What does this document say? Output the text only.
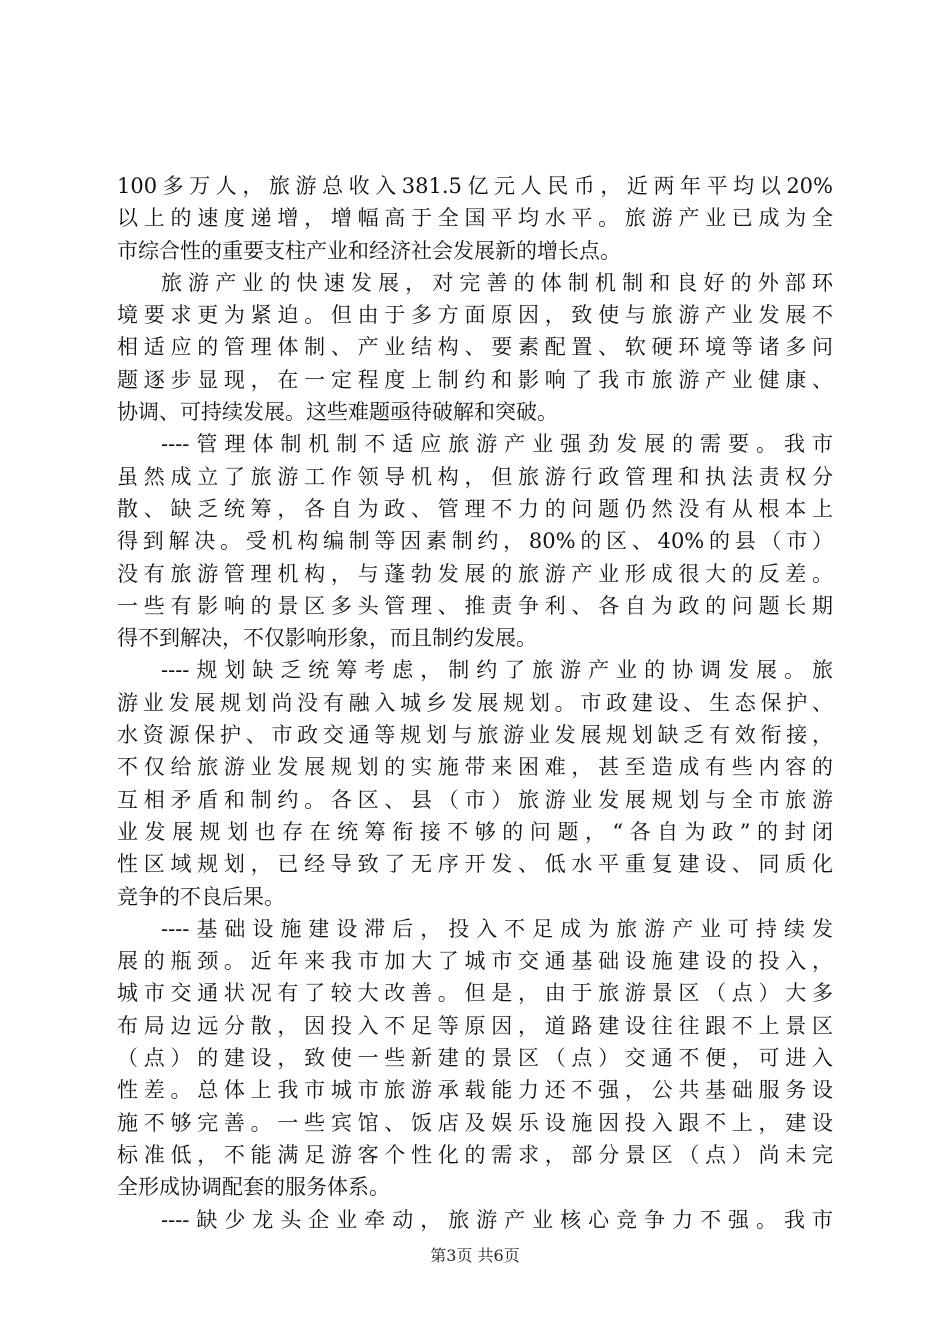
100多万人，旅游总收入381.5亿元人民币，近两年平均以20%
以上的速度递增，增幅高于全国平均水平。旅游产业已成为全
市综合性的重要支柱产业和经济社会发展新的增长点。
旅游产业的快速发展，对完善的体制机制和良好的外部环
境要求更为紧迫。但由于多方面原因，致使与旅游产业发展不
相适应的管理体制、产业结构、要素配置、软硬环境等诸多问
题逐步显现，在一定程度上制约和影响了我市旅游产业健康、
协调、可持续发展。这些难题亟待破解和突破。
----管理体制机制不适应旅游产业强劲发展的需要。我市
虽然成立了旅游工作领导机构，但旅游行政管理和执法责权分
散、缺乏统筹，各自为政、管理不力的问题仍然没有从根本上
得到解决。受机构编制等因素制约，80%的区、40%的县（市）
没有旅游管理机构，与蓬勃发展的旅游产业形成很大的反差。
一些有影响的景区多头管理、推责争利、各自为政的问题长期
得不到解决，不仅影响形象，而且制约发展。
----规划缺乏统筹考虑，制约了旅游产业的协调发展。旅
游业发展规划尚没有融入城乡发展规划。市政建设、生态保护、
水资源保护、市政交通等规划与旅游业发展规划缺乏有效衔接，
不仅给旅游业发展规划的实施带来困难，甚至造成有些内容的
互相矛盾和制约。各区、县（市）旅游业发展规划与全市旅游
业发展规划也存在统筹衔接不够的问题，“各自为政”的封闭
性区域规划，已经导致了无序开发、低水平重复建设、同质化
竞争的不良后果。
----基础设施建设滞后，投入不足成为旅游产业可持续发
展的瓶颈。近年来我市加大了城市交通基础设施建设的投入，
城市交通状况有了较大改善。但是，由于旅游景区（点）大多
布局边远分散，因投入不足等原因，道路建设往往跟不上景区
（点）的建设，致使一些新建的景区（点）交通不便，可进入
性差。总体上我市城市旅游承载能力还不强，公共基础服务设
施不够完善。一些宾馆、饭店及娱乐设施因投入跟不上，建设
标准低，不能满足游客个性化的需求，部分景区（点）尚未完
全形成协调配套的服务体系。
----缺少龙头企业牵动，旅游产业核心竞争力不强。我市
第3页 共6页
